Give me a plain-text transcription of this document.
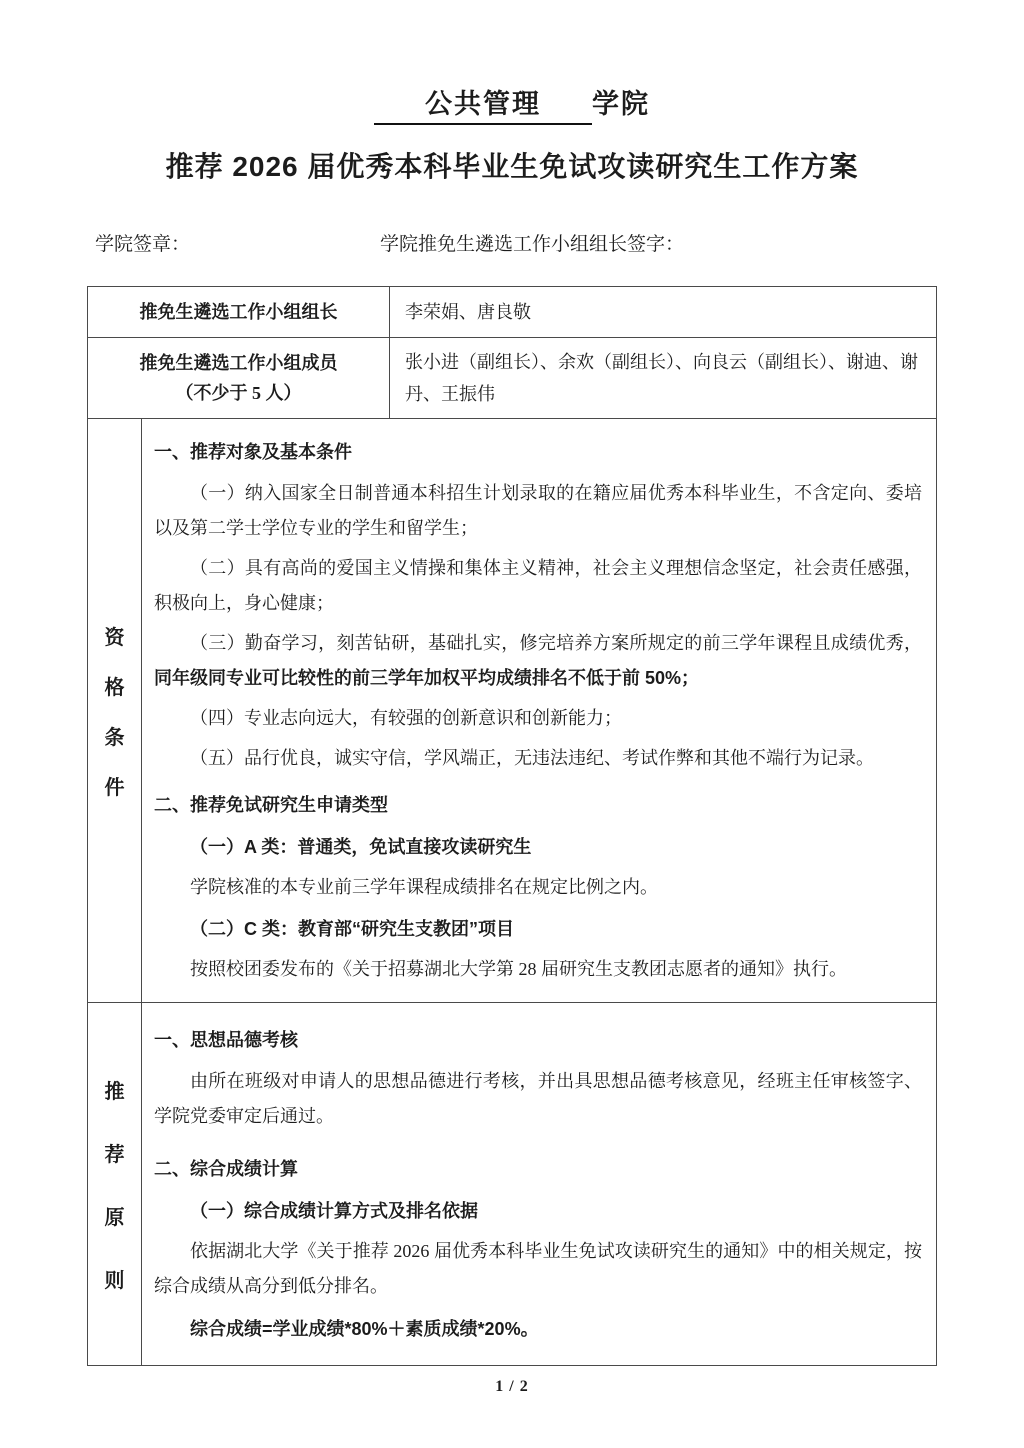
公共管理 学院
推荐 2026 届优秀本科毕业生免试攻读研究生工作方案
学院签章：	学院推免生遴选工作小组组长签字：
推免生遴选工作小组组长	李荣娟、唐良敬
推免生遴选工作小组成员
（不少于 5 人）
张小进（副组长）、余欢（副组长）、向良云（副组长）、谢迪、谢丹、王振伟
资
格
条
件
一、推荐对象及基本条件
（一）纳入国家全日制普通本科招生计划录取的在籍应届优秀本科毕业生，不含定向、委培以及第二学士学位专业的学生和留学生；
（二）具有高尚的爱国主义情操和集体主义精神，社会主义理想信念坚定，社会责任感强，积极向上，身心健康；
（三）勤奋学习，刻苦钻研，基础扎实，修完培养方案所规定的前三学年课程且成绩优秀，同年级同专业可比较性的前三学年加权平均成绩排名不低于前 50%；
（四）专业志向远大，有较强的创新意识和创新能力；
（五）品行优良，诚实守信，学风端正，无违法违纪、考试作弊和其他不端行为记录。
二、推荐免试研究生申请类型
（一）A 类：普通类，免试直接攻读研究生
学院核准的本专业前三学年课程成绩排名在规定比例之内。
（二）C 类：教育部“研究生支教团”项目
按照校团委发布的《关于招募湖北大学第 28 届研究生支教团志愿者的通知》执行。
推
荐
原
则
一、思想品德考核
由所在班级对申请人的思想品德进行考核，并出具思想品德考核意见，经班主任审核签字、学院党委审定后通过。
二、综合成绩计算
（一）综合成绩计算方式及排名依据
依据湖北大学《关于推荐 2026 届优秀本科毕业生免试攻读研究生的通知》中的相关规定，按综合成绩从高分到低分排名。
综合成绩=学业成绩*80%＋素质成绩*20%。
1 / 2
